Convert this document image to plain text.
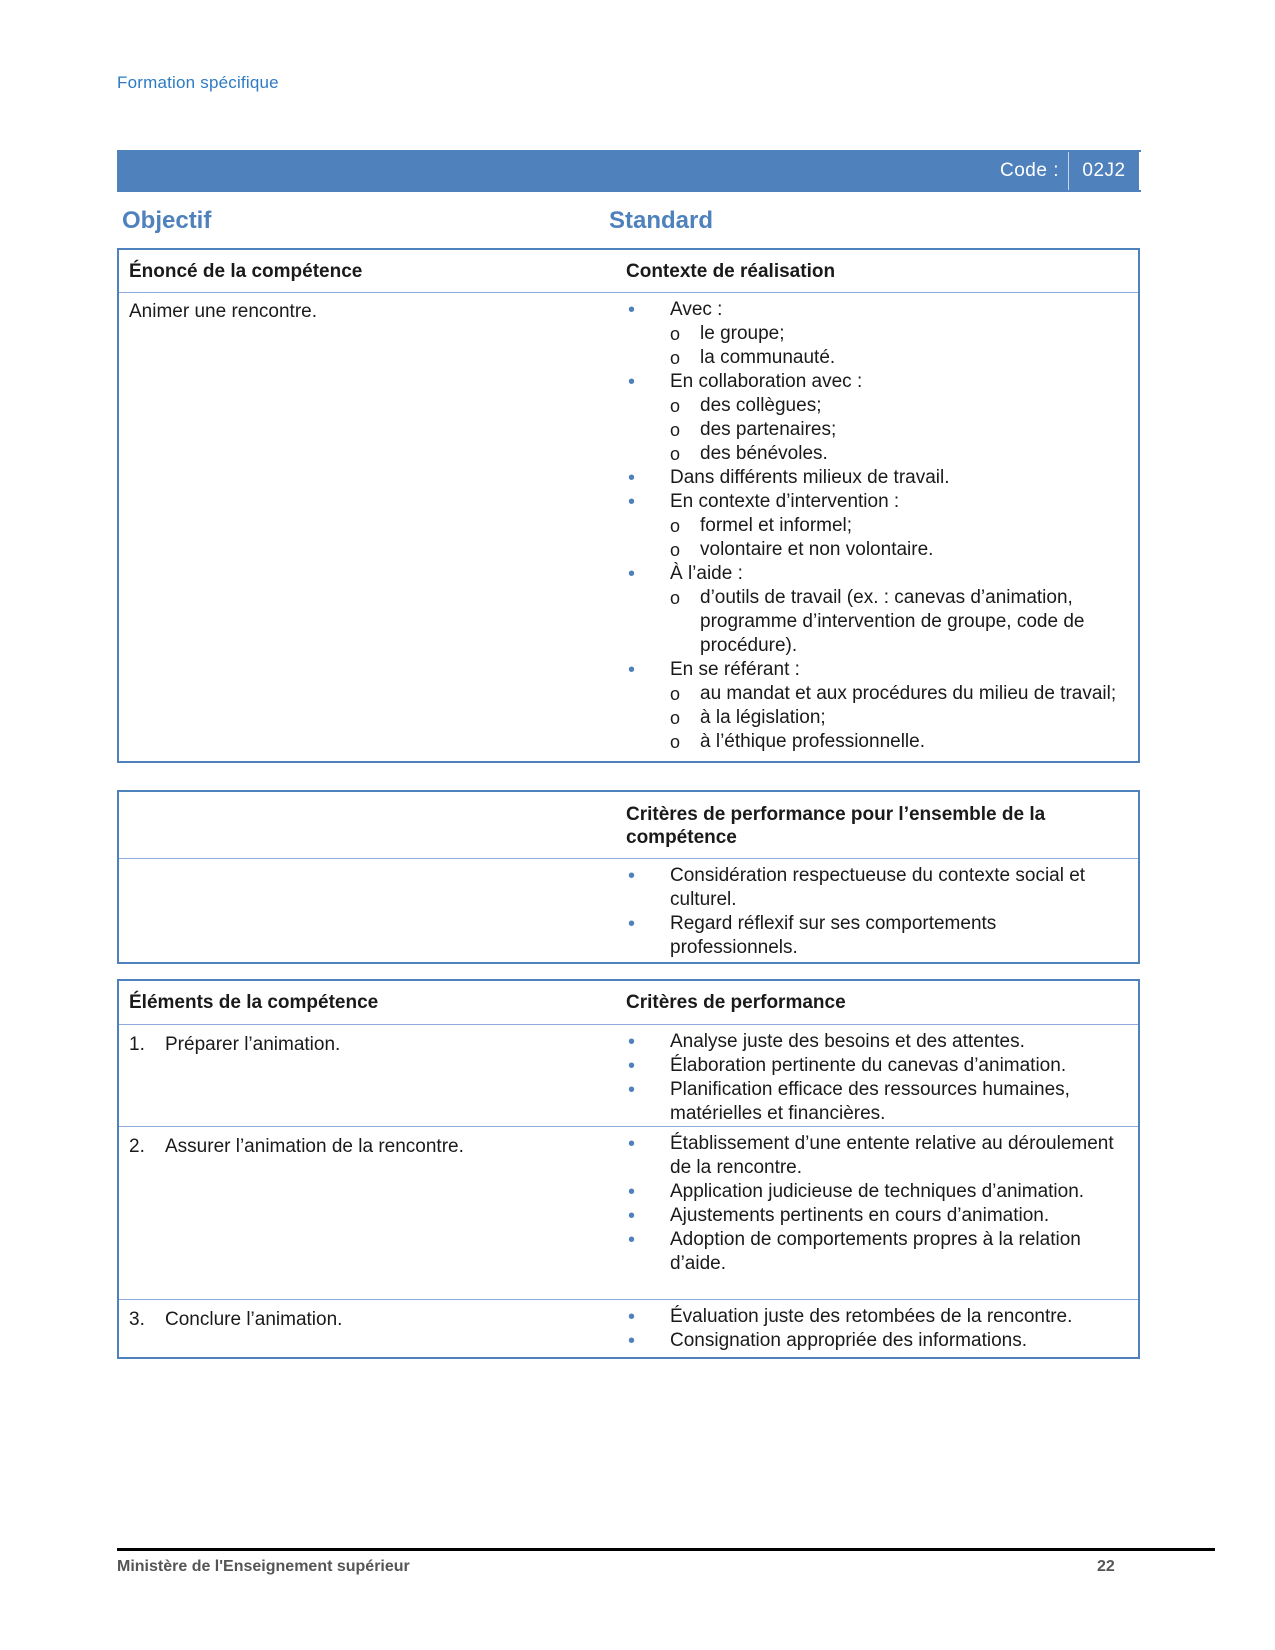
Formation spécifique
Code :	02J2
Objectif	Standard
Énoncé de la compétence	Contexte de réalisation
Animer une rencontre.	• Avec :
o le groupe;
o la communauté.
• En collaboration avec :
o des collègues;
o des partenaires;
o des bénévoles.
• Dans différents milieux de travail.
• En contexte d’intervention :
o formel et informel;
o volontaire et non volontaire.
• À l’aide :
o d’outils de travail (ex. : canevas d’animation, programme d’intervention de groupe, code de procédure).
• En se référant :
o au mandat et aux procédures du milieu de travail;
o à la législation;
o à l’éthique professionnelle.
Critères de performance pour l’ensemble de la compétence
• Considération respectueuse du contexte social et culturel.
• Regard réflexif sur ses comportements professionnels.
Éléments de la compétence	Critères de performance
1.	Préparer l’animation.	• Analyse juste des besoins et des attentes.
• Élaboration pertinente du canevas d’animation.
• Planification efficace des ressources humaines, matérielles et financières.
2.	Assurer l’animation de la rencontre.	• Établissement d’une entente relative au déroulement de la rencontre.
• Application judicieuse de techniques d’animation.
• Ajustements pertinents en cours d’animation.
• Adoption de comportements propres à la relation d’aide.
3.	Conclure l’animation.	• Évaluation juste des retombées de la rencontre.
• Consignation appropriée des informations.
Ministère de l'Enseignement supérieur	22
